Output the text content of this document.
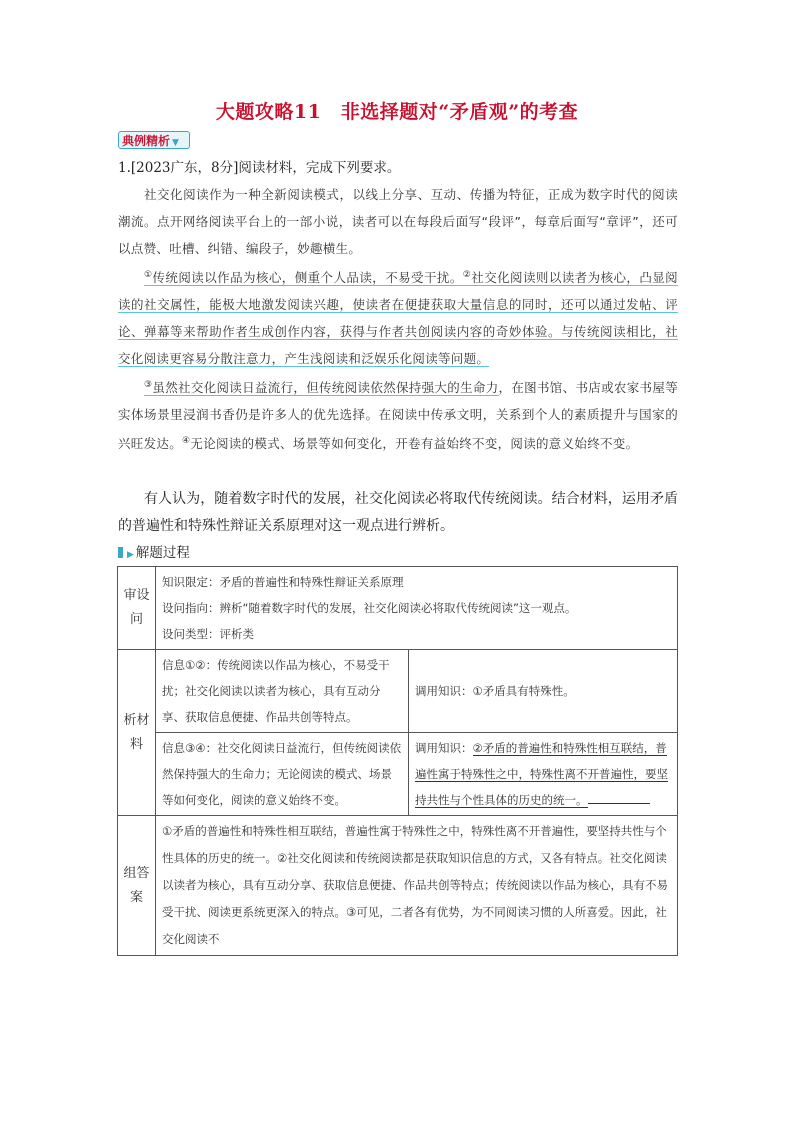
大题攻略11　非选择题对“矛盾观”的考查
典例精析 ▼
1.[2023广东，8分]阅读材料，完成下列要求。

社交化阅读作为一种全新阅读模式，以线上分享、互动、传播为特征，正成为数字时代的阅读潮流。点开网络阅读平台上的一部小说，读者可以在每段后面写“段评”，每章后面写“章评”，还可以点赞、吐槽、纠错、编段子，妙趣横生。

①传统阅读以作品为核心，侧重个人品读，不易受干扰。②社交化阅读则以读者为核心，凸显阅读的社交属性，能极大地激发阅读兴趣，使读者在便捷获取大量信息的同时，还可以通过发帖、评论、弹幕等来帮助作者生成创作内容，获得与作者共创阅读内容的奇妙体验。与传统阅读相比，社交化阅读更容易分散注意力，产生浅阅读和泛娱乐化阅读等问题。

③虽然社交化阅读日益流行，但传统阅读依然保持强大的生命力，在图书馆、书店或农家书屋等实体场景里浸润书香仍是许多人的优先选择。在阅读中传承文明，关系到个人的素质提升与国家的兴旺发达。④无论阅读的模式、场景等如何变化，开卷有益始终不变，阅读的意义始终不变。

有人认为，随着数字时代的发展，社交化阅读必将取代传统阅读。结合材料，运用矛盾的普遍性和特殊性辩证关系原理对这一观点进行辨析。
▶ 解题过程
审设问	知识限定：矛盾的普遍性和特殊性辩证关系原理
设问指向：辨析“随着数字时代的发展，社交化阅读必将取代传统阅读”这一观点。
设问类型：评析类	

析材料	信息①②：传统阅读以作品为核心，不易受干扰；社交化阅读以读者为核心，具有互动分享、获取信息便捷、作品共创等特点。	调用知识：①矛盾具有特殊性。
	信息③④：社交化阅读日益流行，但传统阅读依然保持强大的生命力；无论阅读的模式、场景等如何变化，阅读的意义始终不变。	调用知识：②矛盾的普遍性和特殊性相互联结，普遍性寓于特殊性之中，特殊性离不开普遍性，要坚持共性与个性具体的历史的统一。
组答案	①矛盾的普遍性和特殊性相互联结，普遍性寓于特殊性之中，特殊性离不开普遍性，要坚持共性与个性具体的历史的统一。②社交化阅读和传统阅读都是获取知识信息的方式，又各有特点。社交化阅读以读者为核心，具有互动分享、获取信息便捷、作品共创等特点；传统阅读以作品为核心，具有不易受干扰、阅读更系统更深入的特点。③可见，二者各有优势，为不同阅读习惯的人所喜爱。因此，社交化阅读不	
